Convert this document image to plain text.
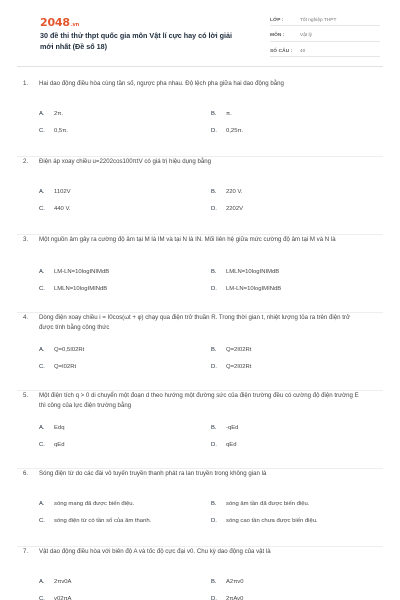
2048.vn
30 đề thi thử thpt quốc gia môn Vật lí cực hay có lời giải mới nhất (Đề số 18)
LỚP :	Tốt nghiệp THPT
MÔN :	Vật lý
SỐ CÂU :	40
1.	Hai dao động điều hòa cùng tần số, ngược pha nhau. Độ lệch pha giữa hai dao động bằng
A.	2π.	B.	π.
C.	0,5π.	D.	0,25π.
2.	Điện áp xoay chiều u=2202cos100πtV có giá trị hiệu dụng bằng
A.	1102V	B.	220 V.
C.	440 V.	D.	2202V
3.	Một nguồn âm gây ra cường độ âm tại M là IM và tại N là IN. Mối liên hệ giữa mức cường độ âm tại M và N là
A.	LM-LN=10logINIMdB	B.	LMLN=10logINIMdB
C.	LMLN=10logIMINdB	D.	LM-LN=10logIMINdB
4.	Dòng điện xoay chiều i = I0cos(ωt + φ) chạy qua điện trở thuần R. Trong thời gian t, nhiệt lượng tỏa ra trên điện trở được tính bằng công thức
A.	Q=0,5I02Rt	B.	Q=2I02Rt
C.	Q=I02Rt	D.	Q=2I02Rt
5.	Một điện tích q > 0 di chuyển một đoạn d theo hướng một đường sức của điện trường đều có cường độ điện trường E thì công của lực điện trường bằng
A.	Edq	B.	-qEd
C.	qEd	D.	qEd
6.	Sóng điện từ do các đài vô tuyến truyền thanh phát ra lan truyền trong không gian là
A.	sóng mang đã được biến điệu.	B.	sóng âm tần đã được biến điệu.
C.	sóng điện từ có tần số của âm thanh.	D.	sóng cao tần chưa được biến điệu.
7.	Vật dao động điều hòa với biên độ A và tốc độ cực đại v0. Chu kỳ dao động của vật là
A.	2πv0A	B.	A2πv0
C.	v02πA	D.	2πAv0
